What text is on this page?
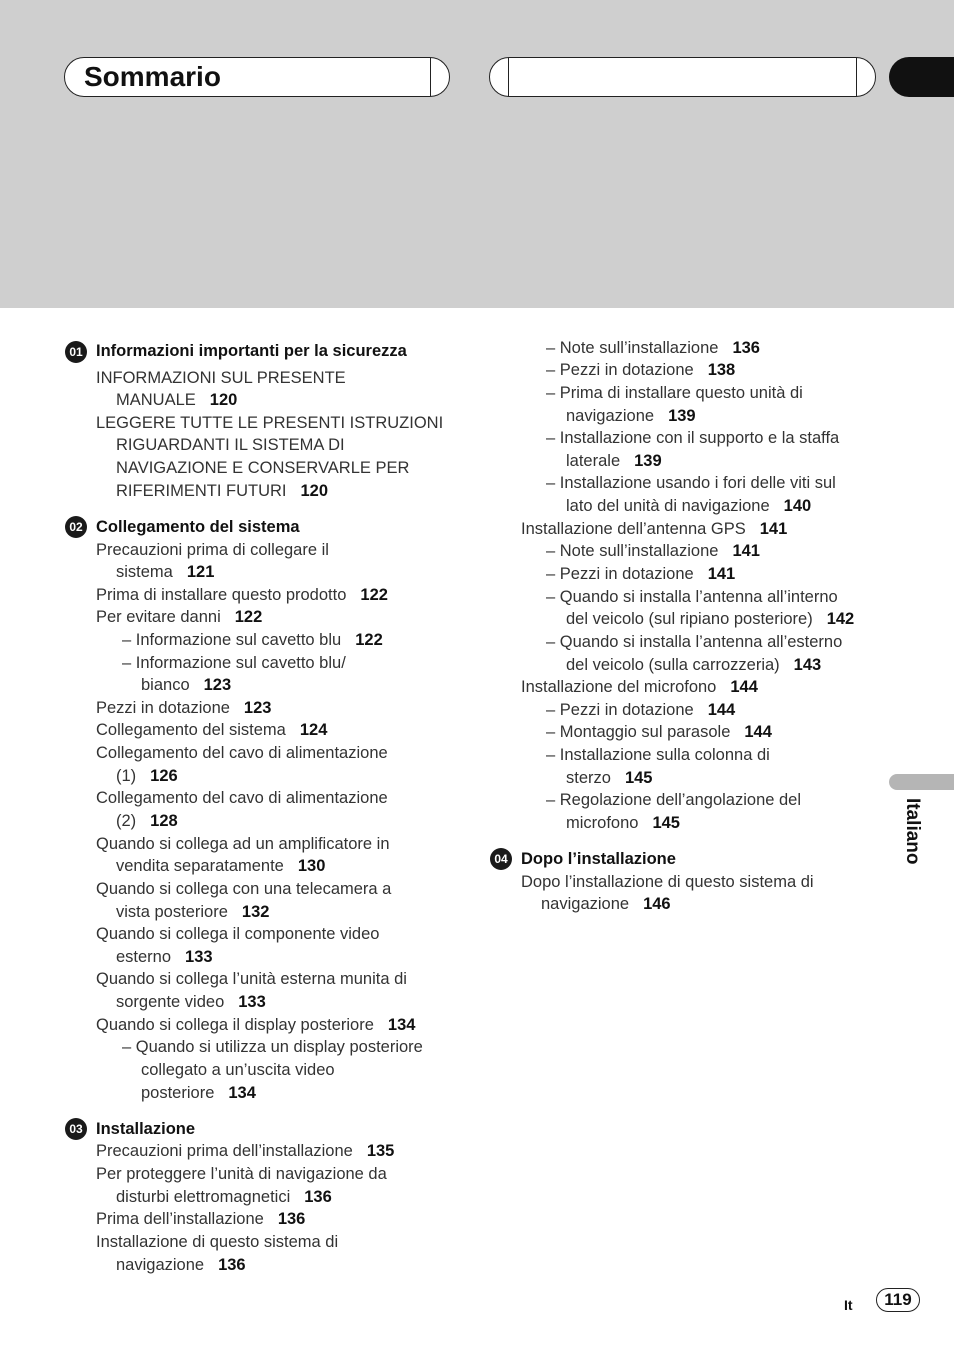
Sommario
Italiano
01 Informazioni importanti per la sicurezza
INFORMAZIONI SUL PRESENTE
MANUALE 120
LEGGERE TUTTE LE PRESENTI ISTRUZIONI
RIGUARDANTI IL SISTEMA DI
NAVIGAZIONE E CONSERVARLE PER
RIFERIMENTI FUTURI 120
02 Collegamento del sistema
Precauzioni prima di collegare il
sistema 121
Prima di installare questo prodotto 122
Per evitare danni 122
– Informazione sul cavetto blu 122
– Informazione sul cavetto blu/
bianco 123
Pezzi in dotazione 123
Collegamento del sistema 124
Collegamento del cavo di alimentazione
(1) 126
Collegamento del cavo di alimentazione
(2) 128
Quando si collega ad un amplificatore in
vendita separatamente 130
Quando si collega con una telecamera a
vista posteriore 132
Quando si collega il componente video
esterno 133
Quando si collega l’unità esterna munita di
sorgente video 133
Quando si collega il display posteriore 134
– Quando si utilizza un display posteriore
collegato a un’uscita video
posteriore 134
03 Installazione
Precauzioni prima dell’installazione 135
Per proteggere l’unità di navigazione da
disturbi elettromagnetici 136
Prima dell’installazione 136
Installazione di questo sistema di
navigazione 136
– Note sull’installazione 136
– Pezzi in dotazione 138
– Prima di installare questo unità di
navigazione 139
– Installazione con il supporto e la staffa
laterale 139
– Installazione usando i fori delle viti sul
lato del unità di navigazione 140
Installazione dell’antenna GPS 141
– Note sull’installazione 141
– Pezzi in dotazione 141
– Quando si installa l’antenna all’interno
del veicolo (sul ripiano posteriore) 142
– Quando si installa l’antenna all’esterno
del veicolo (sulla carrozzeria) 143
Installazione del microfono 144
– Pezzi in dotazione 144
– Montaggio sul parasole 144
– Installazione sulla colonna di
sterzo 145
– Regolazione dell’angolazione del
microfono 145
04 Dopo l’installazione
Dopo l’installazione di questo sistema di
navigazione 146
It	119
